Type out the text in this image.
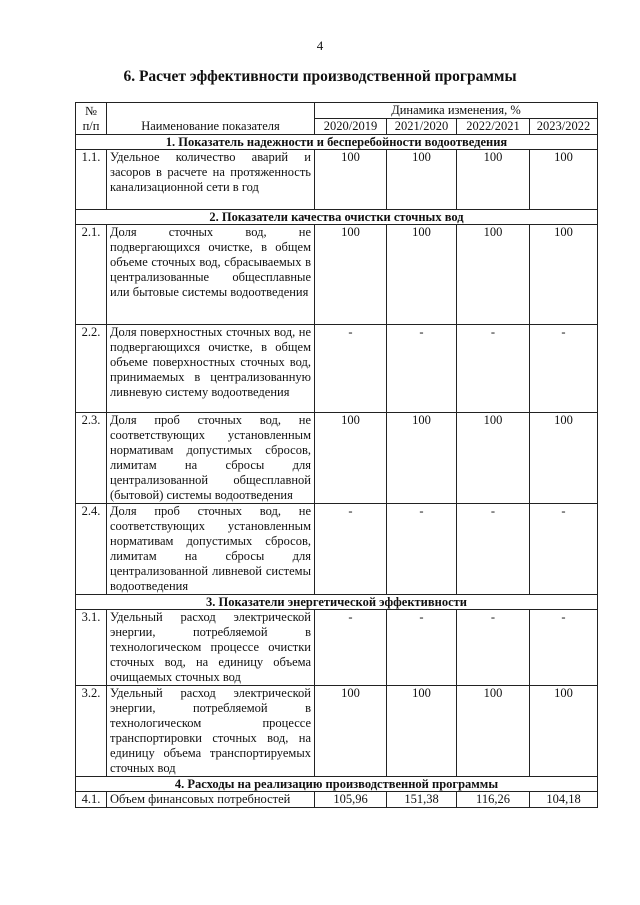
4
6. Расчет эффективности производственной программы
№
п/п	Наименование показателя	Динамика изменения, %			
		2020/2019	2021/2020	2022/2021	2023/2022
1. Показатель надежности и бесперебойности водоотведения					
1.1.	Удельное количество аварий и засоров в расчете на протяженность канализационной сети в год	100	100	100	100
2. Показатели качества очистки сточных вод					
2.1.	Доля сточных вод, не подвергающихся очистке, в общем объеме сточных вод, сбрасываемых в централизованные общесплавные или бытовые системы водоотведения	100	100	100	100
2.2.	Доля поверхностных сточных вод, не подвергающихся очистке, в общем объеме поверхностных сточных вод, принимаемых в централизованную ливневую систему водоотведения	-	-	-	-
2.3.	Доля проб сточных вод, не соответствующих установленным нормативам допустимых сбросов, лимитам на сбросы для централизованной общесплавной (бытовой) системы водоотведения	100	100	100	100
2.4.	Доля проб сточных вод, не соответствующих установленным нормативам допустимых сбросов, лимитам на сбросы для централизованной ливневой системы водоотведения	-	-	-	-
3. Показатели энергетической эффективности					
3.1.	Удельный расход электрической энергии, потребляемой в технологическом процессе очистки сточных вод, на единицу объема очищаемых сточных вод	-	-	-	-
3.2.	Удельный расход электрической энергии, потребляемой в технологическом процессе транспортировки сточных вод, на единицу объема транспортируемых сточных вод	100	100	100	100
4. Расходы на реализацию производственной программы					
4.1.	Объем финансовых потребностей	105,96	151,38	116,26	104,18
